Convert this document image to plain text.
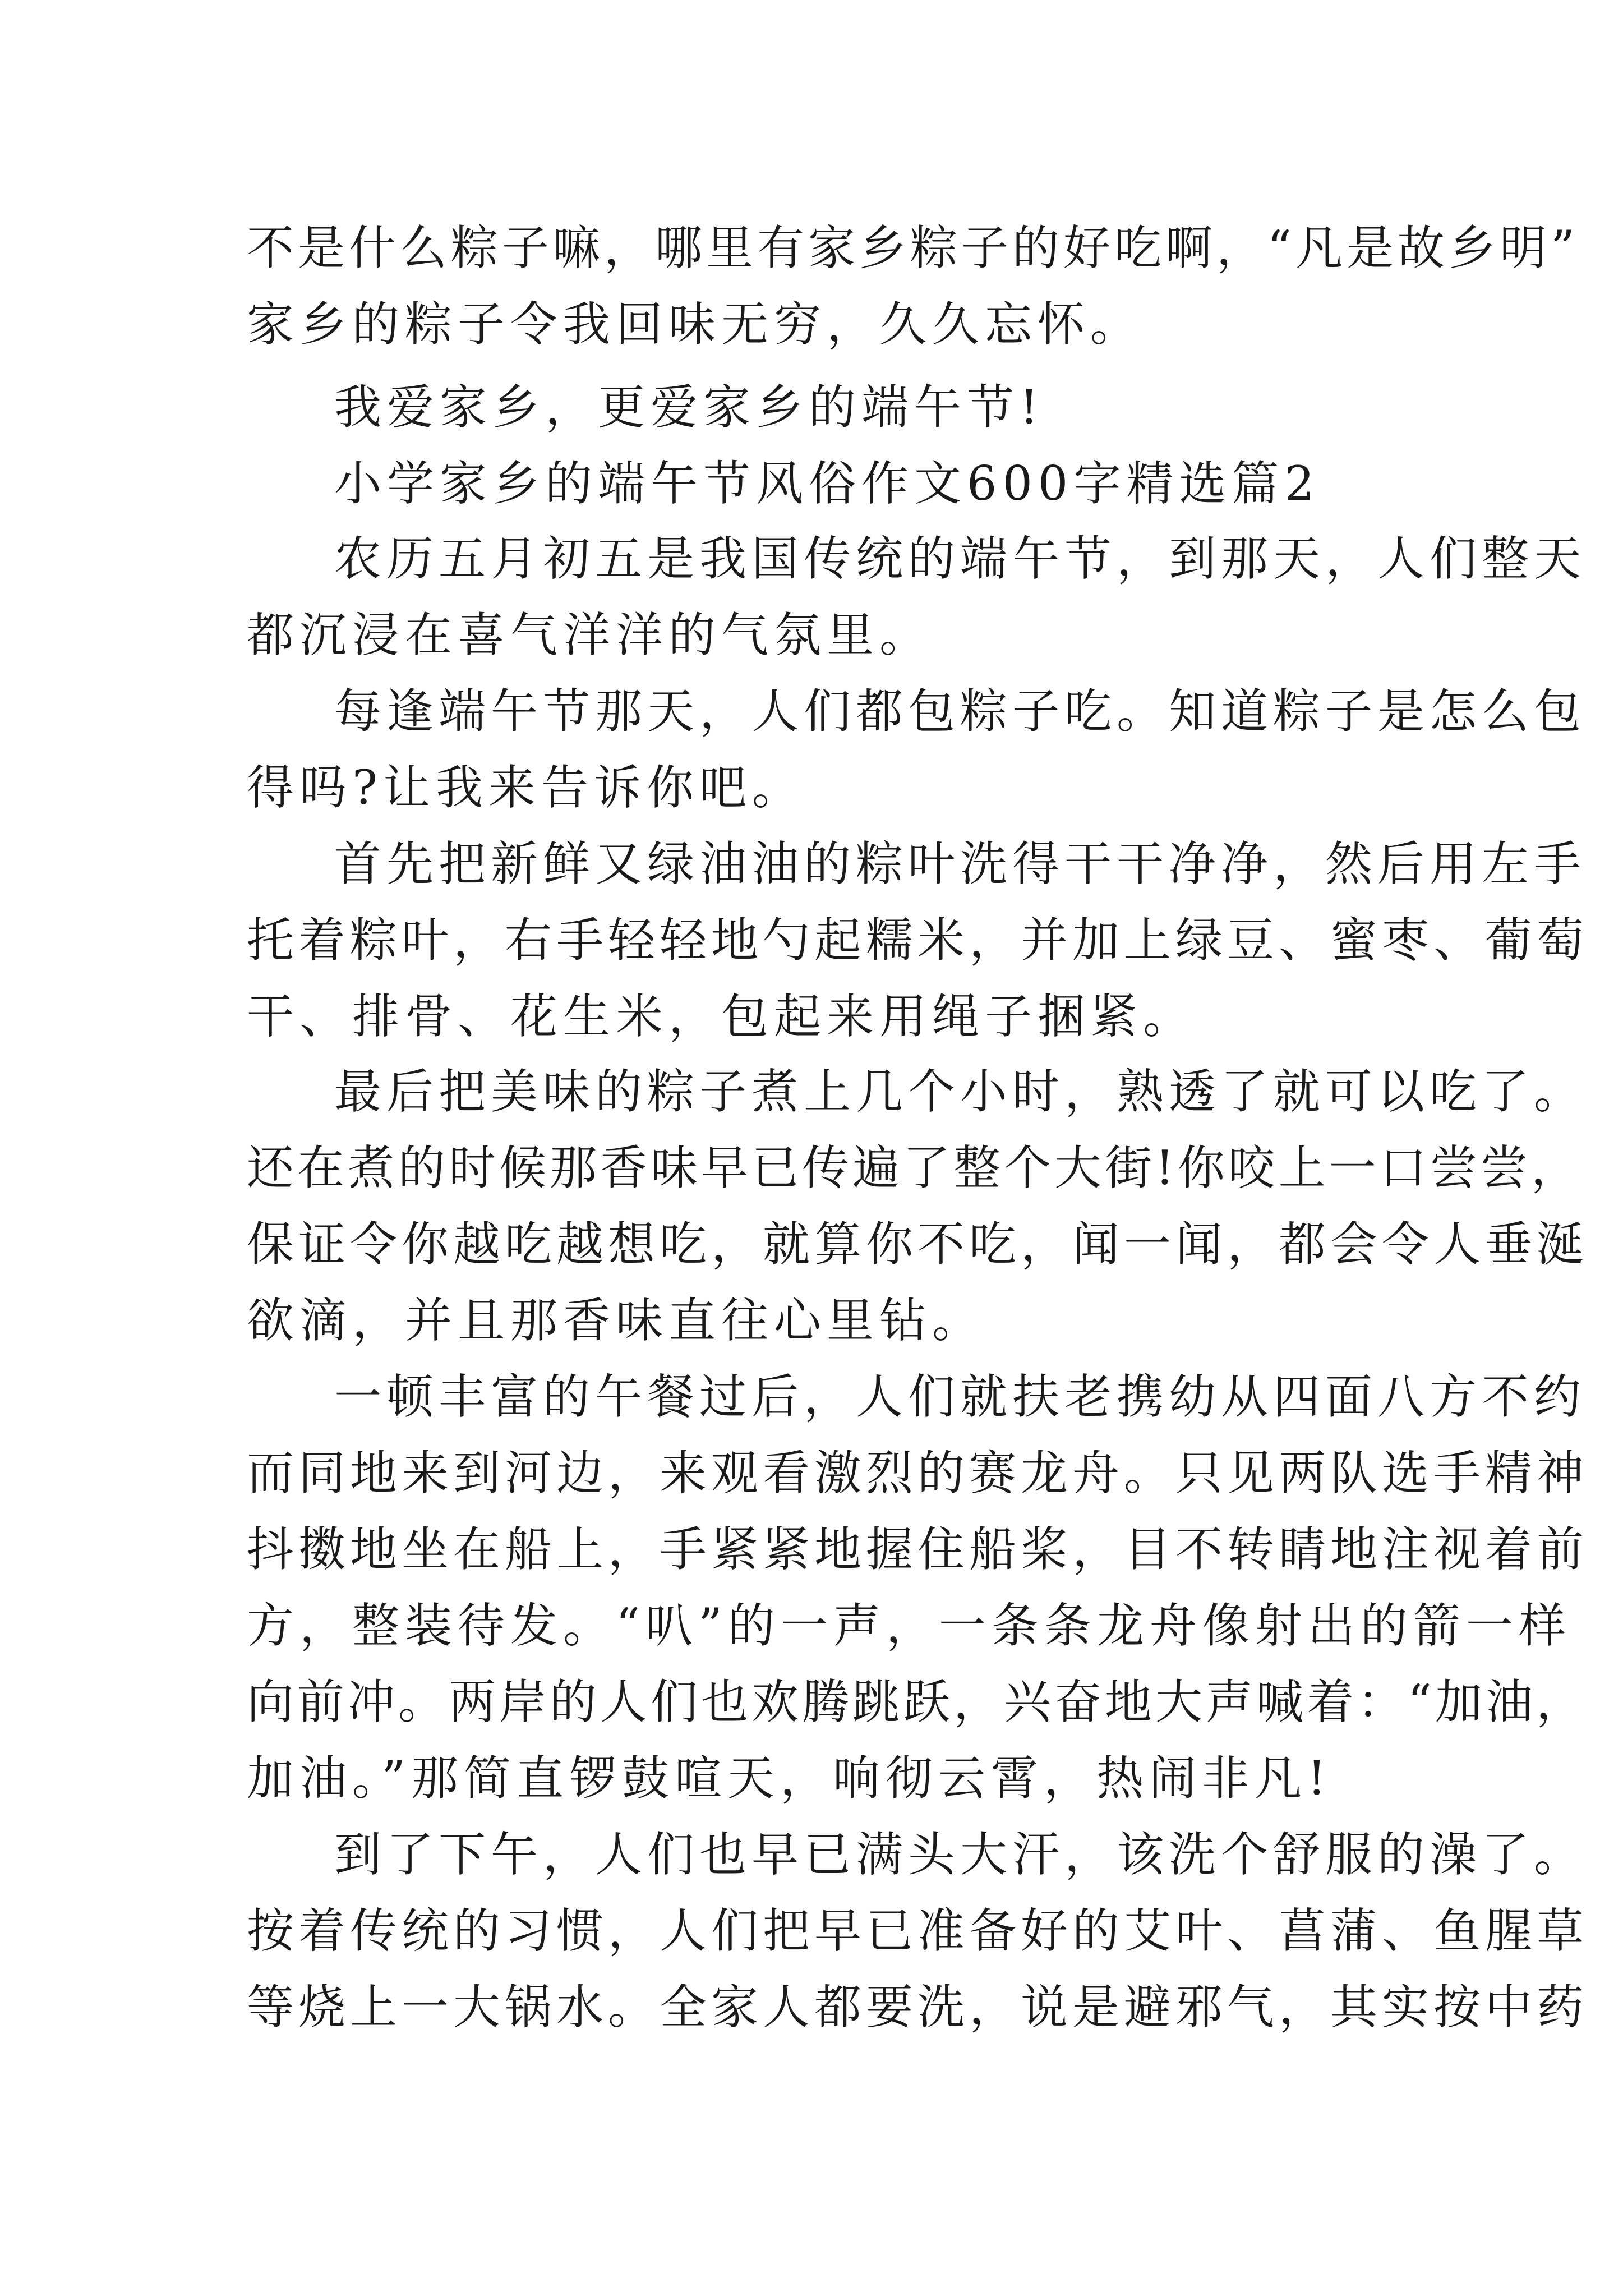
不是什么粽子嘛，哪里有家乡粽子的好吃啊，“凡是故乡明”
家乡的粽子令我回味无穷，久久忘怀。
我爱家乡，更爱家乡的端午节!
小学家乡的端午节风俗作文600字精选篇2
农历五月初五是我国传统的端午节，到那天，人们整天
都沉浸在喜气洋洋的气氛里。
每逢端午节那天，人们都包粽子吃。知道粽子是怎么包
得吗?让我来告诉你吧。
首先把新鲜又绿油油的粽叶洗得干干净净，然后用左手
托着粽叶，右手轻轻地勺起糯米，并加上绿豆、蜜枣、葡萄
干、排骨、花生米，包起来用绳子捆紧。
最后把美味的粽子煮上几个小时，熟透了就可以吃了。
还在煮的时候那香味早已传遍了整个大街!你咬上一口尝尝，
保证令你越吃越想吃，就算你不吃，闻一闻，都会令人垂涎
欲滴，并且那香味直往心里钻。
一顿丰富的午餐过后，人们就扶老携幼从四面八方不约
而同地来到河边，来观看激烈的赛龙舟。只见两队选手精神
抖擞地坐在船上，手紧紧地握住船桨，目不转睛地注视着前
方，整装待发。“叭”的一声，一条条龙舟像射出的箭一样
向前冲。两岸的人们也欢腾跳跃，兴奋地大声喊着：“加油，
加油。”那简直锣鼓喧天，响彻云霄，热闹非凡!
到了下午，人们也早已满头大汗，该洗个舒服的澡了。
按着传统的习惯，人们把早已准备好的艾叶、菖蒲、鱼腥草
等烧上一大锅水。全家人都要洗，说是避邪气，其实按中药
